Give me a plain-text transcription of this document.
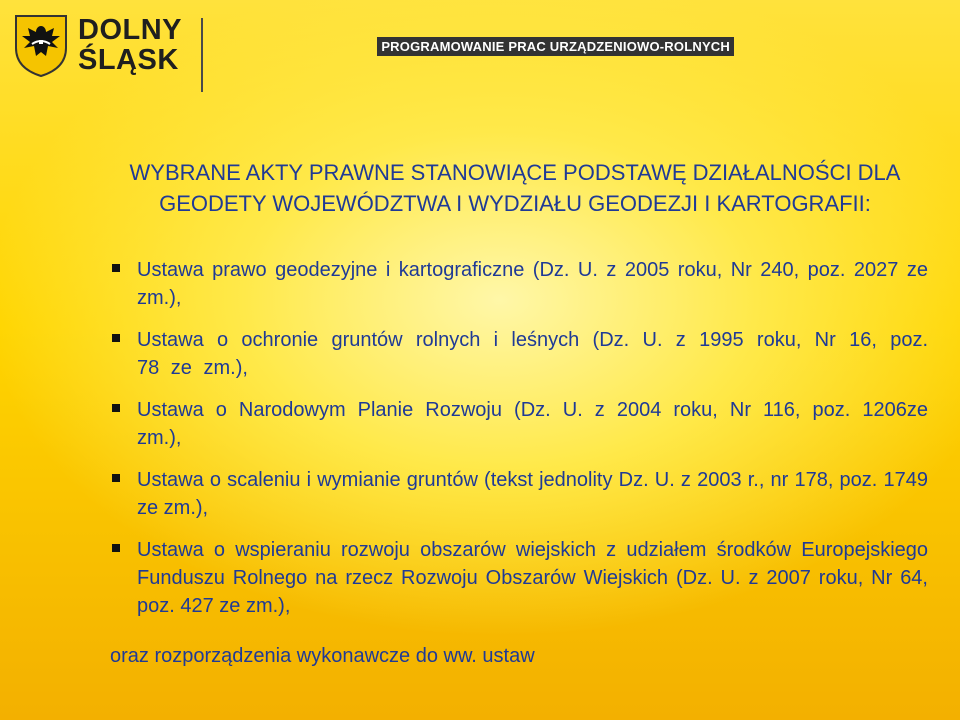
DOLNY
ŚLĄSK	PROGRAMOWANIE PRAC URZĄDZENIOWO-ROLNYCH
WYBRANE AKTY PRAWNE STANOWIĄCE PODSTAWĘ DZIAŁALNOŚCI DLA
GEODETY WOJEWÓDZTWA I WYDZIAŁU GEODEZJI I KARTOGRAFII:
Ustawa prawo geodezyjne i kartograficzne (Dz. U. z 2005 roku, Nr 240, poz. 2027 ze zm.),
Ustawa o ochronie gruntów rolnych i leśnych (Dz. U. z 1995 roku, Nr 16, poz. 78 ze zm.),
Ustawa o Narodowym Planie Rozwoju (Dz. U. z 2004 roku, Nr 116, poz. 1206ze zm.),
Ustawa o scaleniu i wymianie gruntów (tekst jednolity Dz. U. z 2003 r., nr 178, poz. 1749 ze zm.),
Ustawa o wspieraniu rozwoju obszarów wiejskich z udziałem środków Europejskiego Funduszu Rolnego na rzecz Rozwoju Obszarów Wiejskich (Dz. U. z 2007 roku, Nr 64, poz. 427 ze zm.),
oraz rozporządzenia wykonawcze do ww. ustaw
